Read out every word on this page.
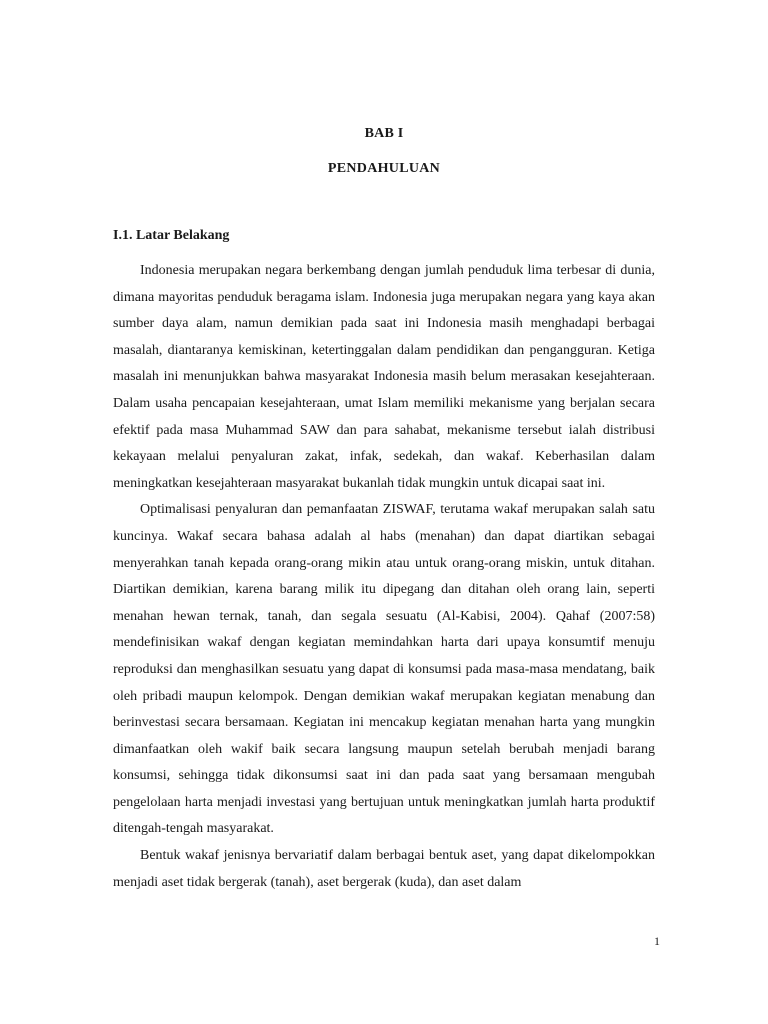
BAB I
PENDAHULUAN
I.1. Latar Belakang

Indonesia merupakan negara berkembang dengan jumlah penduduk lima terbesar di dunia, dimana mayoritas penduduk beragama islam. Indonesia juga merupakan negara yang kaya akan sumber daya alam, namun demikian pada saat ini Indonesia masih menghadapi berbagai masalah, diantaranya kemiskinan, ketertinggalan dalam pendidikan dan pengangguran. Ketiga masalah ini menunjukkan bahwa masyarakat Indonesia masih belum merasakan kesejahteraan. Dalam usaha pencapaian kesejahteraan, umat Islam memiliki mekanisme yang berjalan secara efektif pada masa Muhammad SAW dan para sahabat, mekanisme tersebut ialah distribusi kekayaan melalui penyaluran zakat, infak, sedekah, dan wakaf. Keberhasilan dalam meningkatkan kesejahteraan masyarakat bukanlah tidak mungkin untuk dicapai saat ini.

Optimalisasi penyaluran dan pemanfaatan ZISWAF, terutama wakaf merupakan salah satu kuncinya. Wakaf secara bahasa adalah al habs (menahan) dan dapat diartikan sebagai menyerahkan tanah kepada orang-orang mikin atau untuk orang-orang miskin, untuk ditahan. Diartikan demikian, karena barang milik itu dipegang dan ditahan oleh orang lain, seperti menahan hewan ternak, tanah, dan segala sesuatu (Al-Kabisi, 2004). Qahaf (2007:58) mendefinisikan wakaf dengan kegiatan memindahkan harta dari upaya konsumtif menuju reproduksi dan menghasilkan sesuatu yang dapat di konsumsi pada masa-masa mendatang, baik oleh pribadi maupun kelompok. Dengan demikian wakaf merupakan kegiatan menabung dan berinvestasi secara bersamaan. Kegiatan ini mencakup kegiatan menahan harta yang mungkin dimanfaatkan oleh wakif baik secara langsung maupun setelah berubah menjadi barang konsumsi, sehingga tidak dikonsumsi saat ini dan pada saat yang bersamaan mengubah pengelolaan harta menjadi investasi yang bertujuan untuk meningkatkan jumlah harta produktif ditengah-tengah masyarakat.

Bentuk wakaf jenisnya bervariatif dalam berbagai bentuk aset, yang dapat dikelompokkan menjadi aset tidak bergerak (tanah), aset bergerak (kuda), dan aset dalam

1
